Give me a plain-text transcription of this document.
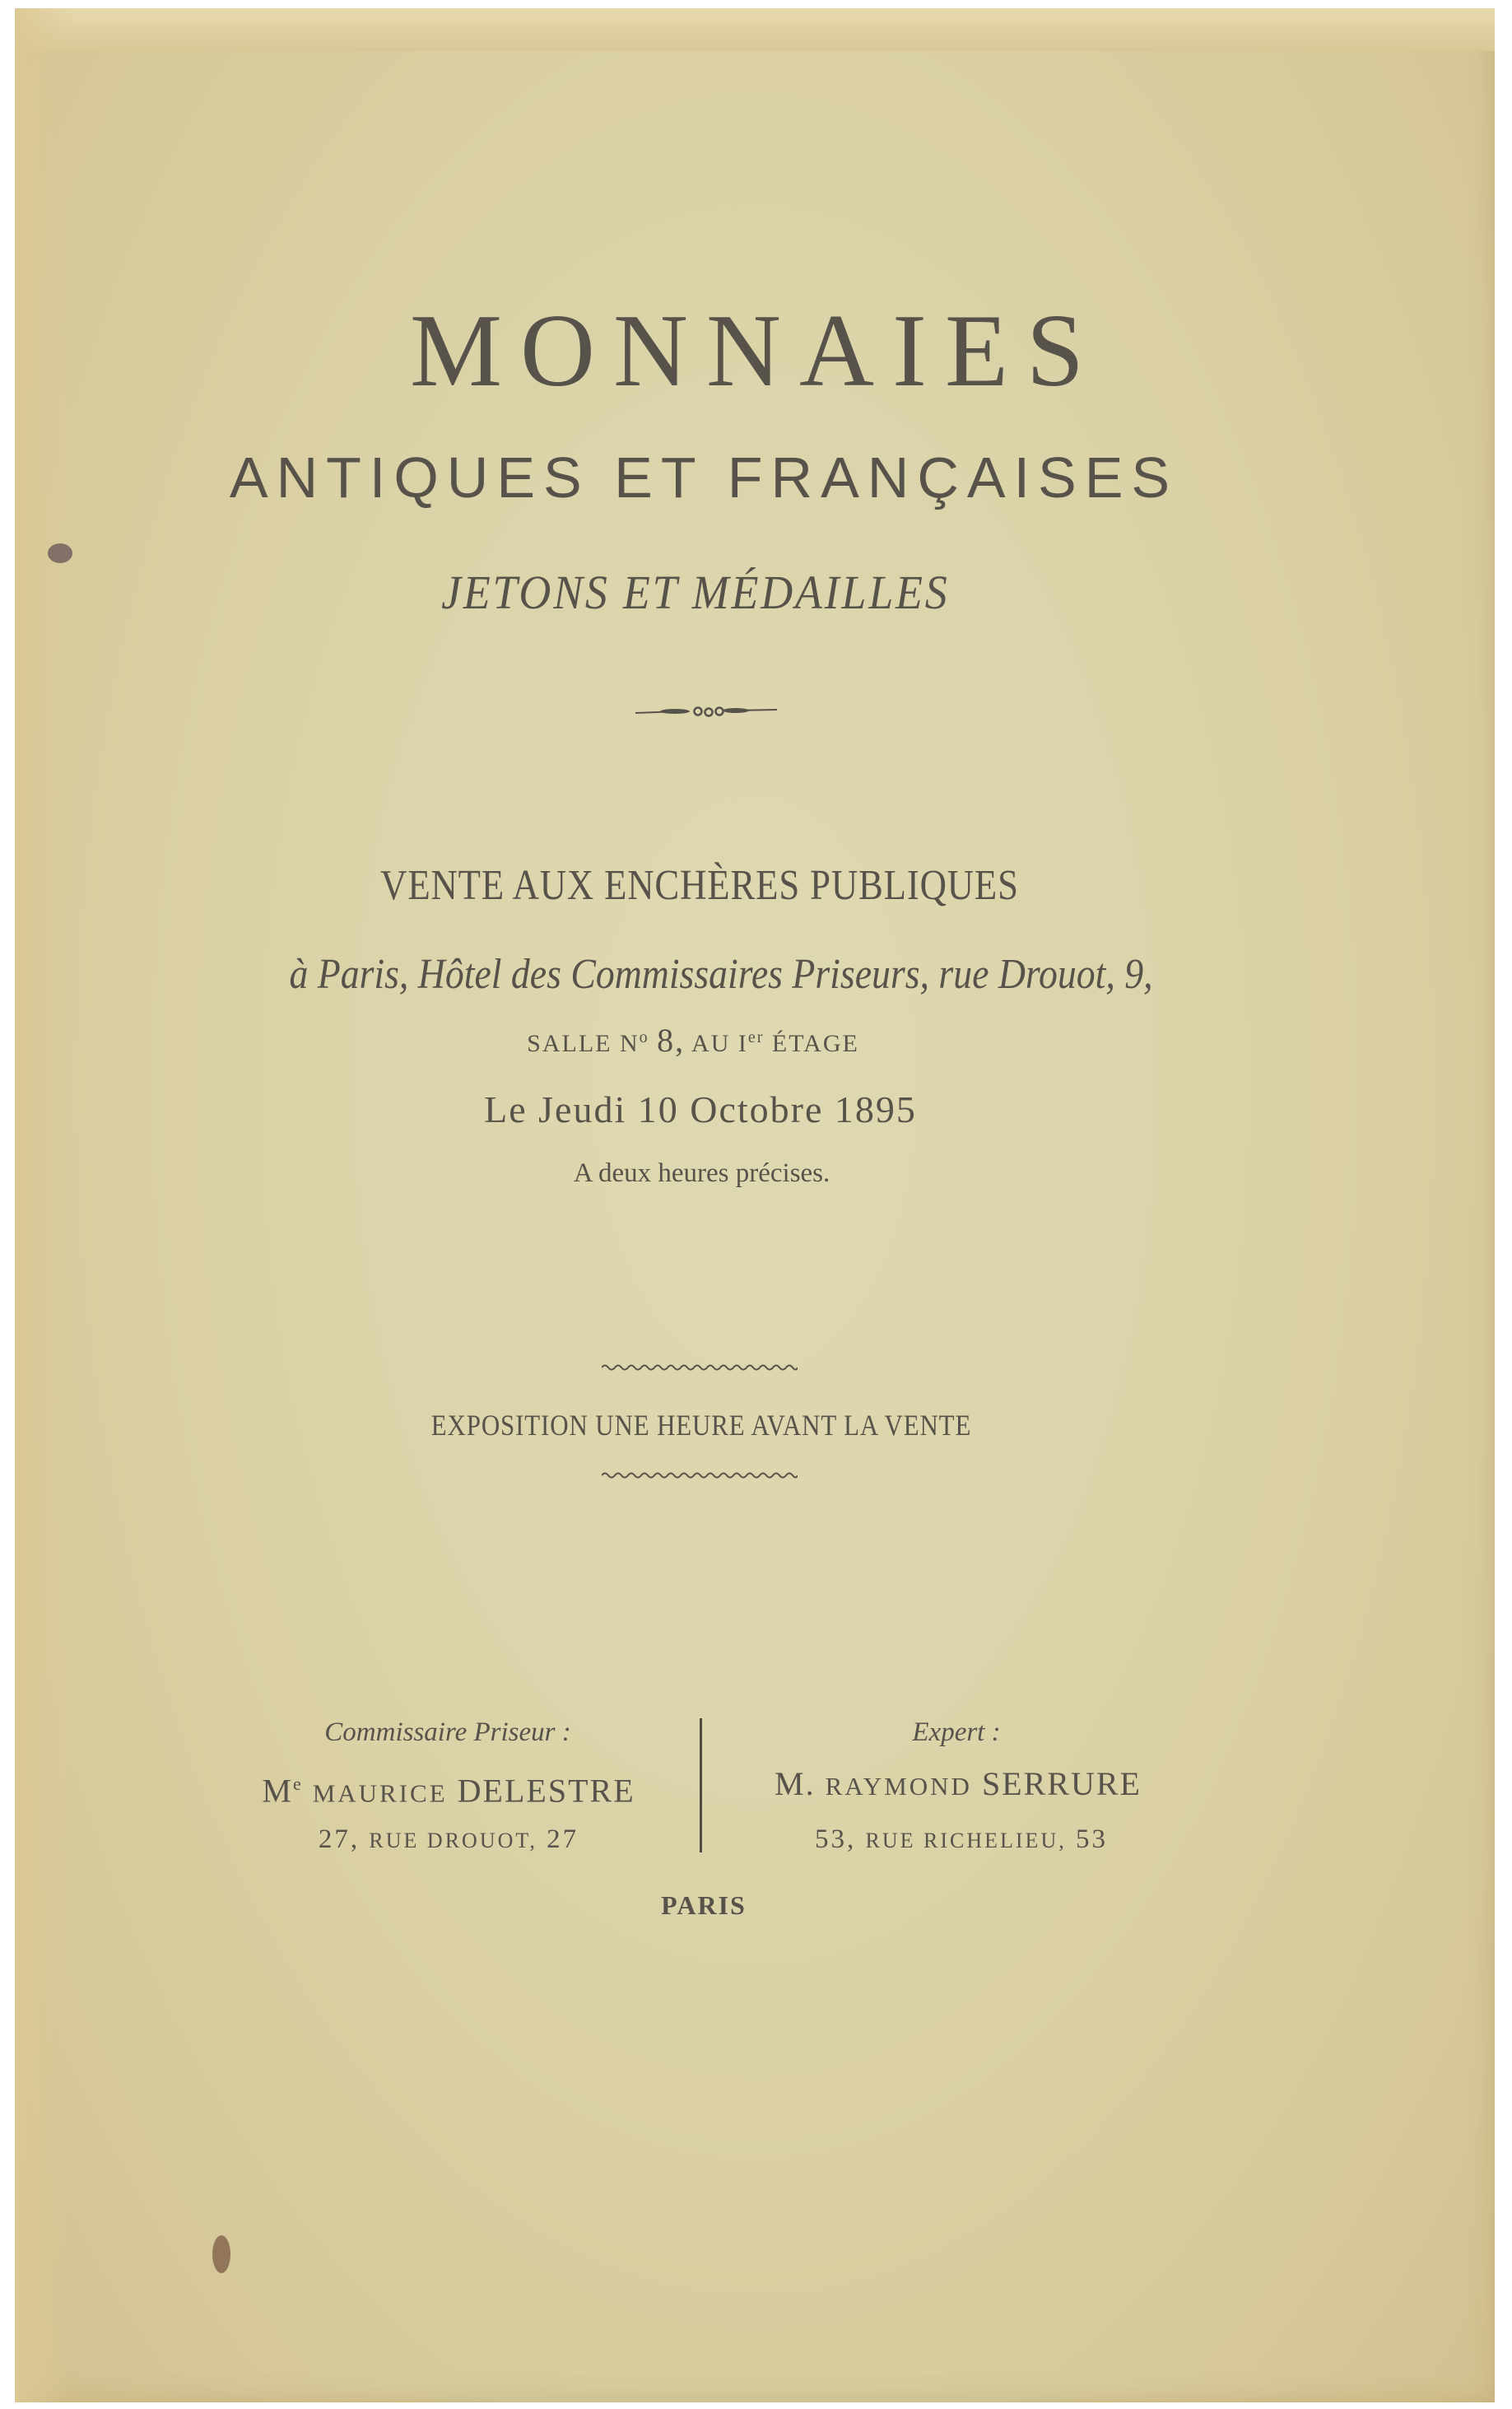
MONNAIES
ANTIQUES ET FRANÇAISES
JETONS ET MÉDAILLES
VENTE AUX ENCHÈRES PUBLIQUES
à Paris, Hôtel des Commissaires Priseurs, rue Drouot, 9,
SALLE $N^o$ 8, AU Ier ÉTAGE
Le Jeudi 10 Octobre 1895
A deux heures précises.
EXPOSITION UNE HEURE AVANT LA VENTE
Commissaire Priseur :	Expert :
Me MAURICE DELESTRE	M. RAYMOND SERRURE
27, RUE DROUOT, 27	53, RUE RICHELIEU, 53
PARIS
